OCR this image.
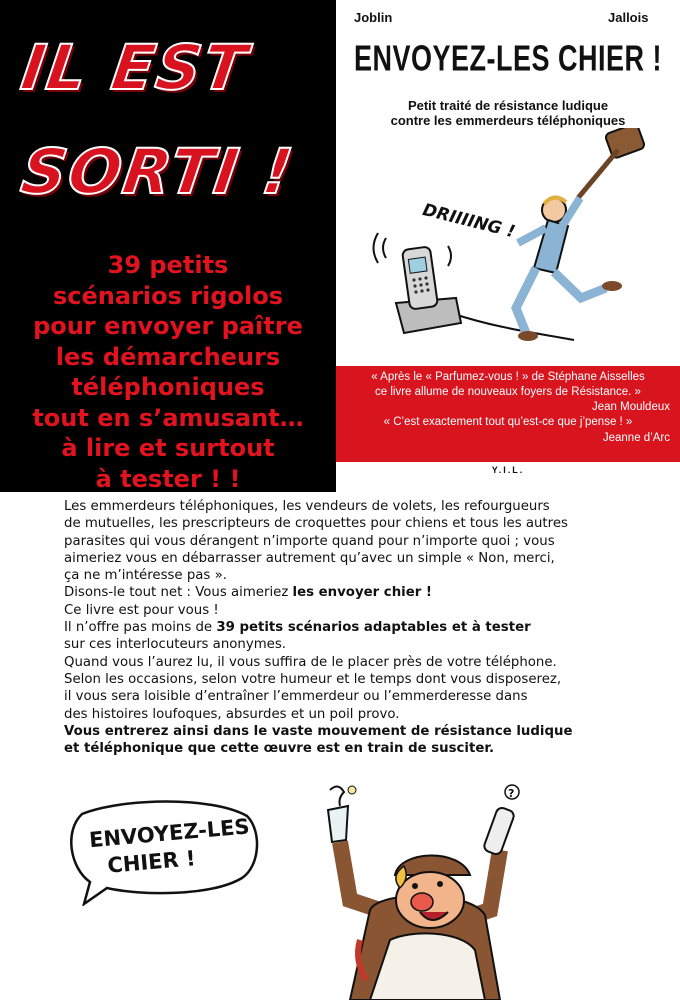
IL EST
SORTI !
39 petits
scénarios rigolos
pour envoyer paître
les démarcheurs
téléphoniques
tout en s’amusant…
à lire et surtout
à tester ! !
Joblin	Jallois
ENVOYEZ-LES CHIER !
Petit traité de résistance ludique
contre les emmerdeurs téléphoniques
DRIIIING !
« Après le « Parfumez-vous ! » de Stéphane Aisselles
ce livre allume de nouveaux foyers de Résistance. »
Jean Mouldeux
« C’est exactement tout qu’est-ce que j’pense ! »
Jeanne d’Arc
Y.I.L.

Les emmerdeurs téléphoniques, les vendeurs de volets, les refourgueurs

de mutuelles, les prescripteurs de croquettes pour chiens et tous les autres

parasites qui vous dérangent n’importe quand pour n’importe quoi ; vous

aimeriez vous en débarrasser autrement qu’avec un simple « Non, merci,

ça ne m’intéresse pas ».

Disons-le tout net : Vous aimeriez les envoyer chier !

Ce livre est pour vous !

Il n’offre pas moins de 39 petits scénarios adaptables et à tester

sur ces interlocuteurs anonymes.

Quand vous l’aurez lu, il vous suffira de le placer près de votre téléphone.

Selon les occasions, selon votre humeur et le temps dont vous disposerez,

il vous sera loisible d’entraîner l’emmerdeur ou l’emmerderesse dans

des histoires loufoques, absurdes et un poil provo.

Vous entrerez ainsi dans le vaste mouvement de résistance ludique

et téléphonique que cette œuvre est en train de susciter.

ENVOYEZ-LES
CHIER !
?
